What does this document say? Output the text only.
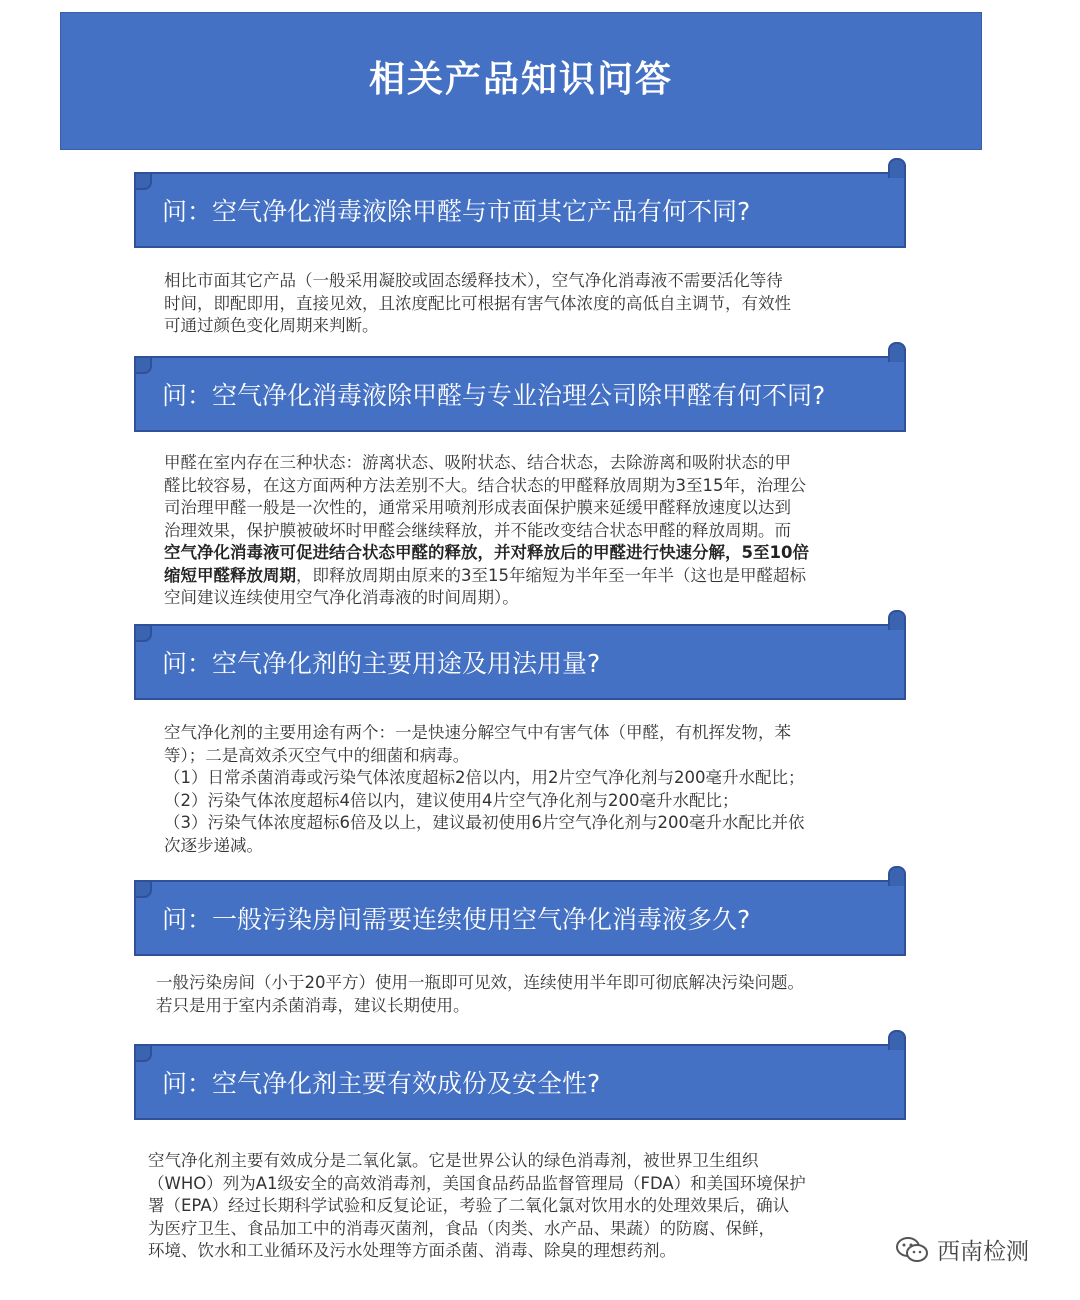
相关产品知识问答
问：空气净化消毒液除甲醛与市面其它产品有何不同?

相比市面其它产品（一般采用凝胶或固态缓释技术），空气净化消毒液不需要活化等待

时间，即配即用，直接见效，且浓度配比可根据有害气体浓度的高低自主调节，有效性

可通过颜色变化周期来判断。

问：空气净化消毒液除甲醛与专业治理公司除甲醛有何不同?

甲醛在室内存在三种状态：游离状态、吸附状态、结合状态，去除游离和吸附状态的甲

醛比较容易，在这方面两种方法差别不大。结合状态的甲醛释放周期为3至15年，治理公

司治理甲醛一般是一次性的，通常采用喷剂形成表面保护膜来延缓甲醛释放速度以达到

治理效果，保护膜被破坏时甲醛会继续释放，并不能改变结合状态甲醛的释放周期。而

空气净化消毒液可促进结合状态甲醛的释放，并对释放后的甲醛进行快速分解，5至10倍

缩短甲醛释放周期，即释放周期由原来的3至15年缩短为半年至一年半（这也是甲醛超标

空间建议连续使用空气净化消毒液的时间周期）。

问：空气净化剂的主要用途及用法用量?

空气净化剂的主要用途有两个：一是快速分解空气中有害气体（甲醛，有机挥发物，苯

等）；二是高效杀灭空气中的细菌和病毒。

（1）日常杀菌消毒或污染气体浓度超标2倍以内，用2片空气净化剂与200毫升水配比；

（2）污染气体浓度超标4倍以内，建议使用4片空气净化剂与200毫升水配比；

（3）污染气体浓度超标6倍及以上，建议最初使用6片空气净化剂与200毫升水配比并依

次逐步递减。

问：一般污染房间需要连续使用空气净化消毒液多久?

一般污染房间（小于20平方）使用一瓶即可见效，连续使用半年即可彻底解决污染问题。

若只是用于室内杀菌消毒，建议长期使用。

问：空气净化剂主要有效成份及安全性?

空气净化剂主要有效成分是二氧化氯。它是世界公认的绿色消毒剂，被世界卫生组织

（WHO）列为A1级安全的高效消毒剂，美国食品药品监督管理局（FDA）和美国环境保护

署（EPA）经过长期科学试验和反复论证，考验了二氧化氯对饮用水的处理效果后，确认

为医疗卫生、食品加工中的消毒灭菌剂，食品（肉类、水产品、果蔬）的防腐、保鲜，

环境、饮水和工业循环及污水处理等方面杀菌、消毒、除臭的理想药剂。	西南检测
